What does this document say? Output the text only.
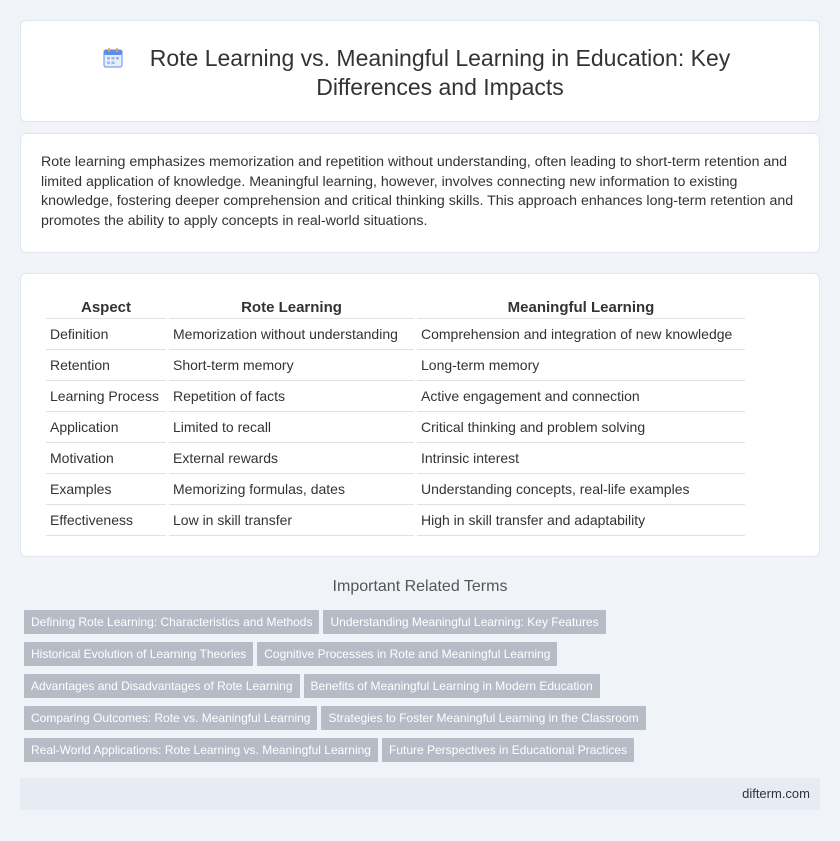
Rote Learning vs. Meaningful Learning in Education: Key Differences and Impacts

Rote learning emphasizes memorization and repetition without understanding, often leading to short-term retention and limited application of knowledge. Meaningful learning, however, involves connecting new information to existing knowledge, fostering deeper comprehension and critical thinking skills. This approach enhances long-term retention and promotes the ability to apply concepts in real-world situations.

Aspect	Rote Learning	Meaningful Learning
Definition	Memorization without understanding	Comprehension and integration of new knowledge
Retention	Short-term memory	Long-term memory
Learning Process	Repetition of facts	Active engagement and connection
Application	Limited to recall	Critical thinking and problem solving
Motivation	External rewards	Intrinsic interest
Examples	Memorizing formulas, dates	Understanding concepts, real-life examples
Effectiveness	Low in skill transfer	High in skill transfer and adaptability
Important Related Terms
Defining Rote Learning: Characteristics and Methods Understanding Meaningful Learning: Key Features
Historical Evolution of Learning Theories Cognitive Processes in Rote and Meaningful Learning
Advantages and Disadvantages of Rote Learning Benefits of Meaningful Learning in Modern Education
Comparing Outcomes: Rote vs. Meaningful Learning Strategies to Foster Meaningful Learning in the Classroom
Real-World Applications: Rote Learning vs. Meaningful Learning Future Perspectives in Educational Practices
difterm.com
